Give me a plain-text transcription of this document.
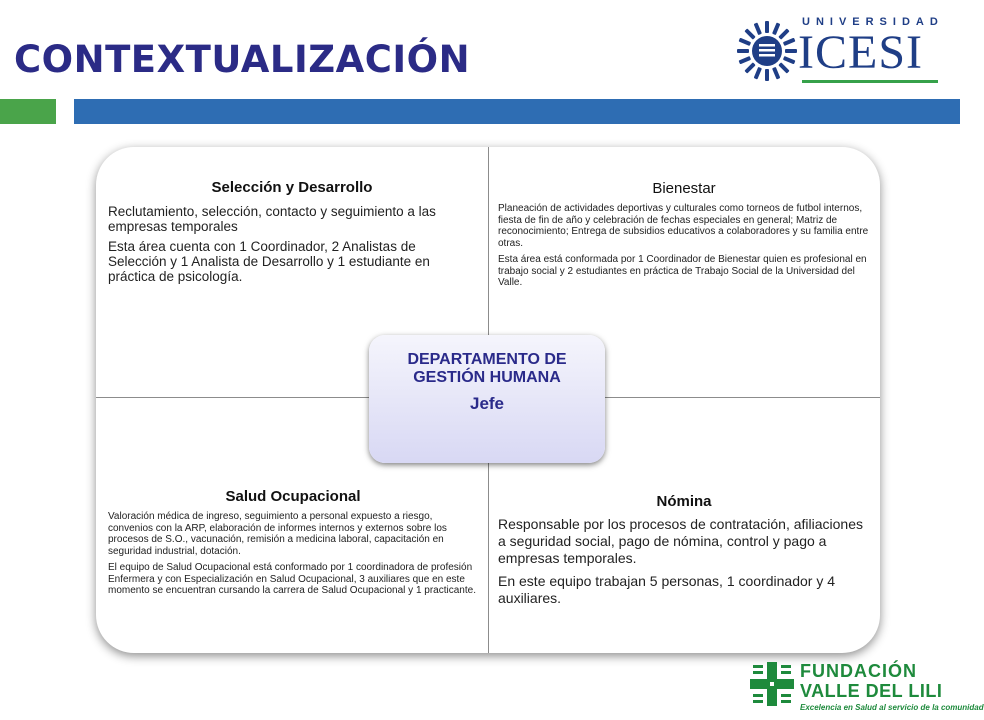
CONTEXTUALIZACIÓN
UNIVERSIDAD
ICESI

Selección y Desarrollo

Reclutamiento, selección, contacto y seguimiento a las empresas temporales

Esta área cuenta con 1 Coordinador, 2 Analistas de Selección y 1 Analista de Desarrollo y 1 estudiante en práctica de psicología.

Bienestar

Planeación de actividades deportivas y culturales como torneos de futbol internos, fiesta de fin de año y celebración de fechas especiales en general; Matriz de reconocimiento; Entrega de subsidios educativos a colaboradores y su familia entre otras.

Esta área está conformada por 1 Coordinador de Bienestar quien es profesional en trabajo social y 2 estudiantes en práctica de Trabajo Social de la Universidad del Valle.

Salud Ocupacional

Valoración médica de ingreso, seguimiento a personal expuesto a riesgo, convenios con la ARP, elaboración de informes internos y externos sobre los procesos de S.O., vacunación, remisión a medicina laboral, capacitación en seguridad industrial, dotación.

El equipo de Salud Ocupacional está conformado por 1 coordinadora de profesión Enfermera y con Especialización en Salud Ocupacional, 3 auxiliares que en este momento se encuentran cursando la carrera de Salud Ocupacional y 1 practicante.

Nómina

Responsable por los procesos de contratación, afiliaciones a seguridad social, pago de nómina, control y pago a empresas temporales.

En este equipo trabajan 5 personas, 1 coordinador y 4 auxiliares.

DEPARTAMENTO DE GESTIÓN HUMANA
Jefe
FUNDACIÓN
VALLE DEL LILI
Excelencia en Salud al servicio de la comunidad
